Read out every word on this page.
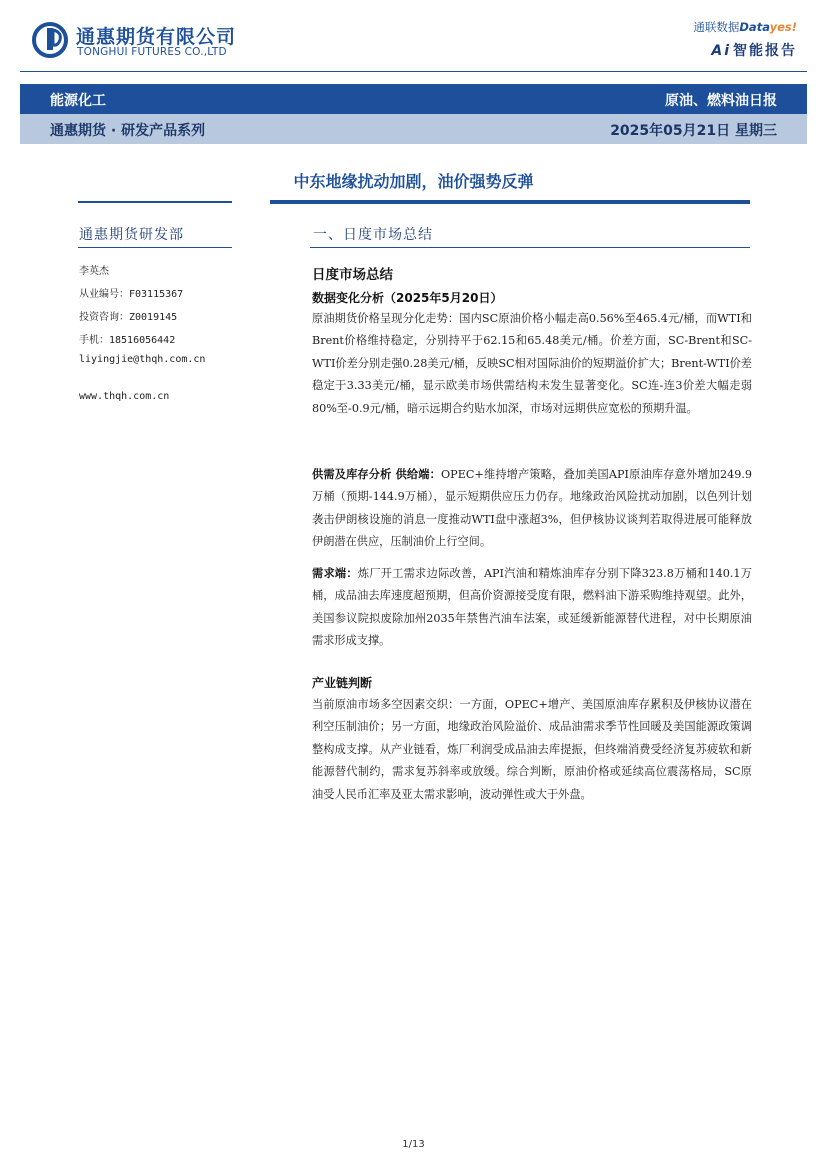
通惠期货有限公司
TONGHUI FUTURES CO.,LTD
通联数据Datayes!
Ai 智能报告
能源化工	原油、燃料油日报
通惠期货 · 研发产品系列	2025年05月21日 星期三
中东地缘扰动加剧，油价强势反弹
通惠期货研发部
李英杰
从业编号：F03115367
投资咨询：Z0019145
手机：18516056442
liyingjie@thqh.com.cn
www.thqh.com.cn
一、日度市场总结
日度市场总结
数据变化分析（2025年5月20日）
原油期货价格呈现分化走势：国内SC原油价格小幅走高0.56%至465.4元/桶，而WTI和Brent价格维持稳定，分别持平于62.15和65.48美元/桶。价差方面，SC-Brent和SC-WTI价差分别走强0.28美元/桶，反映SC相对国际油价的短期溢价扩大；Brent-WTI价差稳定于3.33美元/桶，显示欧美市场供需结构未发生显著变化。SC连-连3价差大幅走弱80%至-0.9元/桶，暗示远期合约贴水加深，市场对远期供应宽松的预期升温。
供需及库存分析 供给端：OPEC+维持增产策略，叠加美国API原油库存意外增加249.9万桶（预期-144.9万桶），显示短期供应压力仍存。地缘政治风险扰动加剧，以色列计划袭击伊朗核设施的消息一度推动WTI盘中涨超3%，但伊核协议谈判若取得进展可能释放伊朗潜在供应，压制油价上行空间。
需求端：炼厂开工需求边际改善，API汽油和精炼油库存分别下降323.8万桶和140.1万桶，成品油去库速度超预期，但高价资源接受度有限，燃料油下游采购维持观望。此外，美国参议院拟废除加州2035年禁售汽油车法案，或延缓新能源替代进程，对中长期原油需求形成支撑。
产业链判断
当前原油市场多空因素交织：一方面，OPEC+增产、美国原油库存累积及伊核协议潜在利空压制油价；另一方面，地缘政治风险溢价、成品油需求季节性回暖及美国能源政策调整构成支撑。从产业链看，炼厂利润受成品油去库提振，但终端消费受经济复苏疲软和新能源替代制约，需求复苏斜率或放缓。综合判断，原油价格或延续高位震荡格局，SC原油受人民币汇率及亚太需求影响，波动弹性或大于外盘。
1/13
